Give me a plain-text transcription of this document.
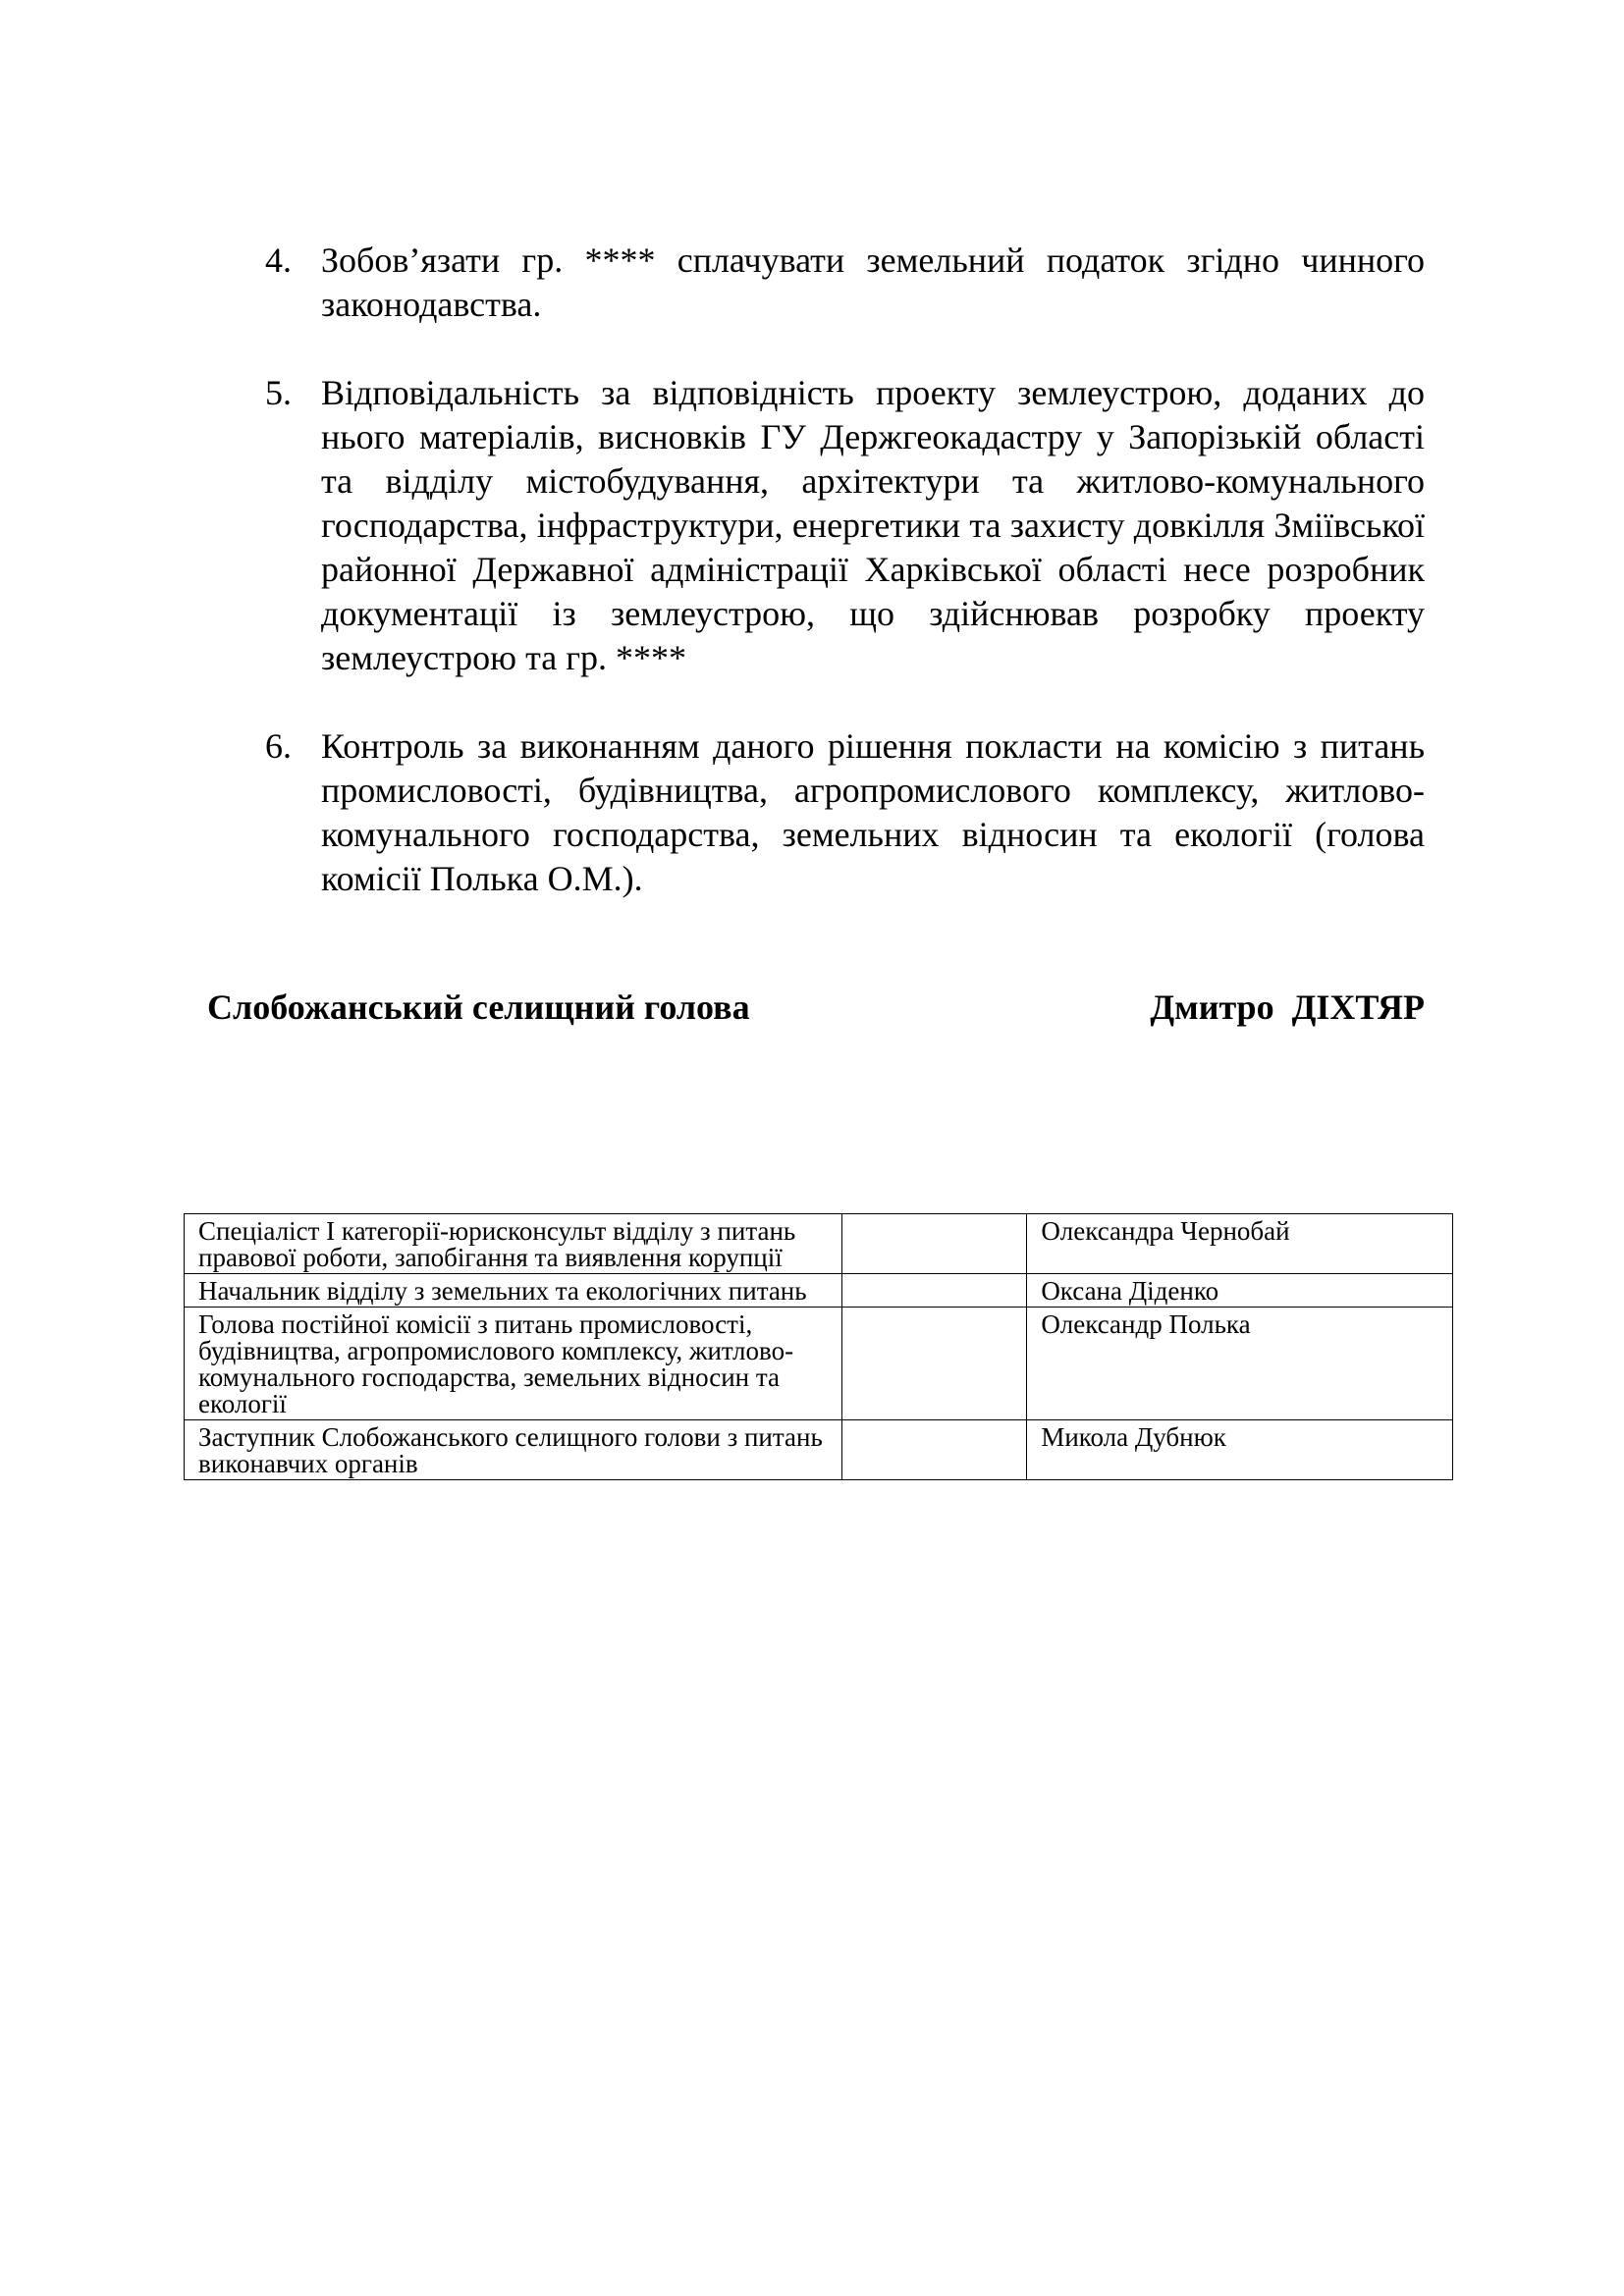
4. Зобов’язати гр. **** сплачувати земельний податок згідно чинного законодавства.
5. Відповідальність за відповідність проекту землеустрою, доданих до нього матеріалів, висновків ГУ Держгеокадастру у Запорізькій області та відділу містобудування, архітектури та житлово-комунального господарства, інфраструктури, енергетики та захисту довкілля Зміївської районної Державної адміністрації Харківської області несе розробник документації із землеустрою, що здійснював розробку проекту землеустрою та гр. ****
6. Контроль за виконанням даного рішення покласти на комісію з питань промисловості, будівництва, агропромислового комплексу, житлово-комунального господарства, земельних відносин та екології (голова комісії Полька О.М.).
Слобожанський селищний голова	Дмитро  ДІХТЯР
Спеціаліст І категорії-юрисконсульт відділу з питань правової роботи, запобігання та виявлення корупції		Олександра Чернобай
Начальник відділу з земельних та екологічних питань		Оксана Діденко
Голова постійної комісії з питань промисловості, будівництва, агропромислового комплексу, житлово-комунального господарства, земельних відносин та екології		Олександр Полька
Заступник Слобожанського селищного голови з питань виконавчих органів		Микола Дубнюк
